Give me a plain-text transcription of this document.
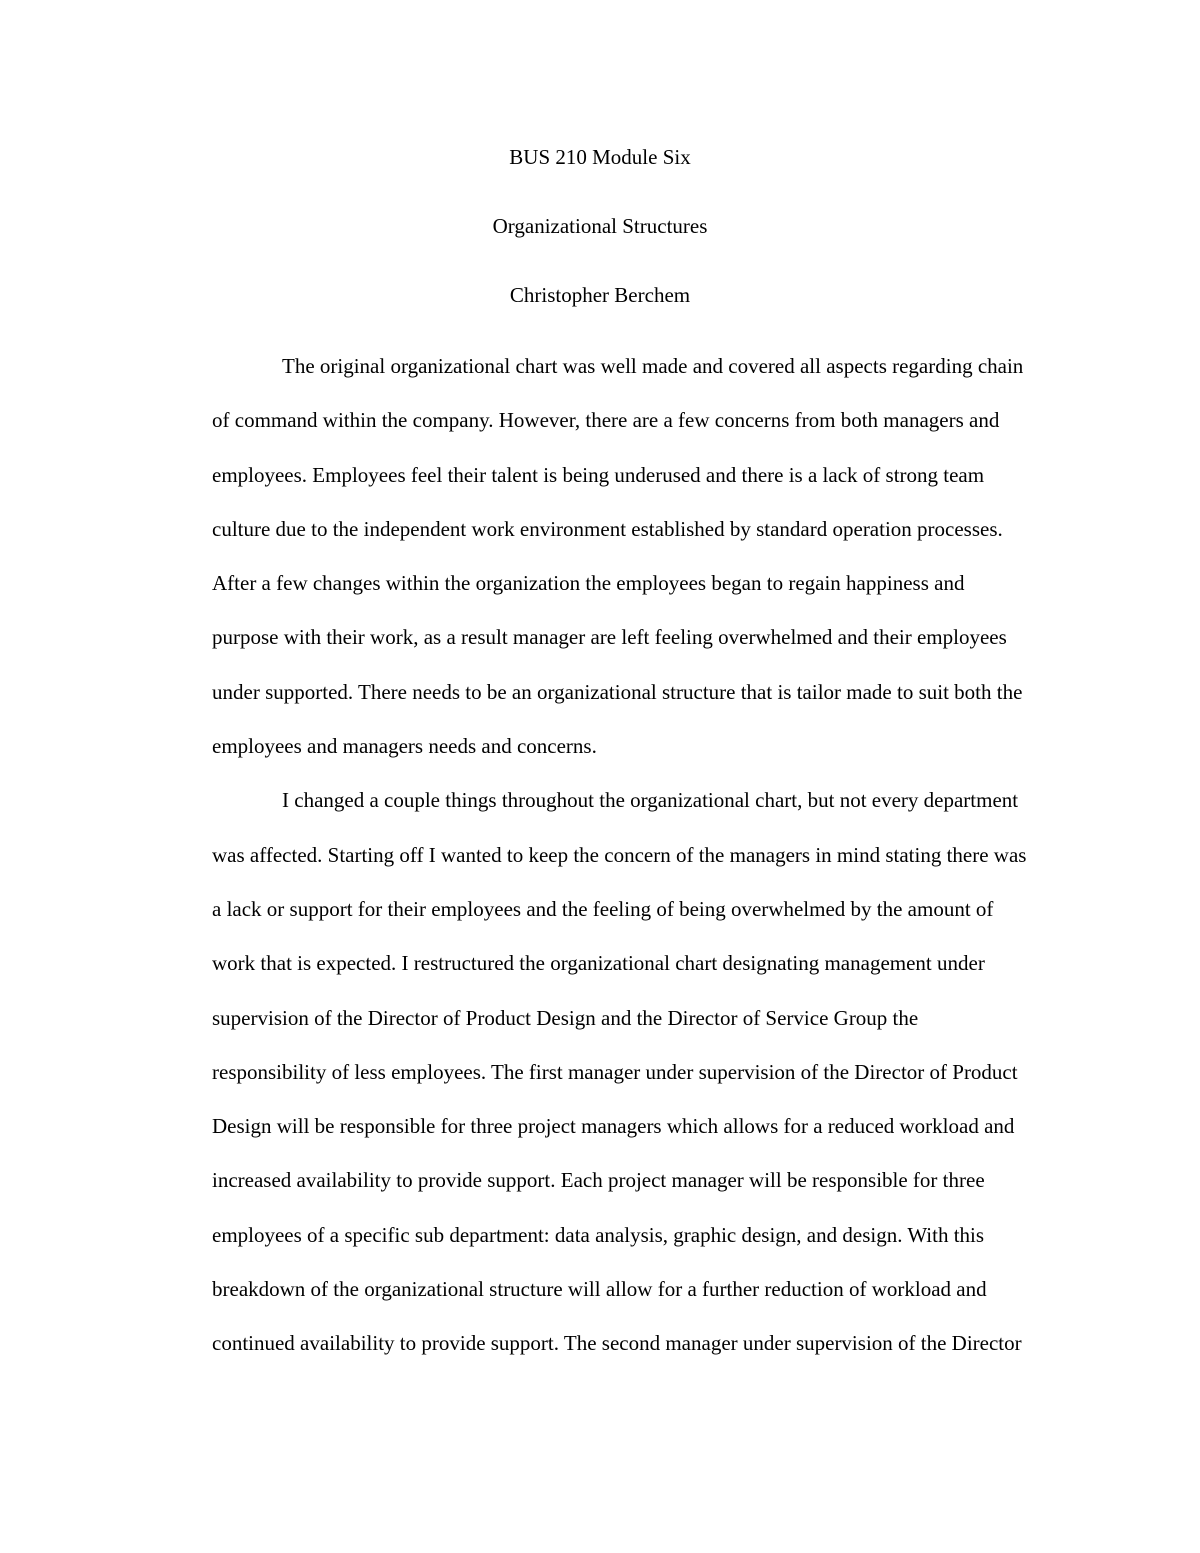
BUS 210 Module Six
Organizational Structures
Christopher Berchem
The original organizational chart was well made and covered all aspects regarding chain
of command within the company. However, there are a few concerns from both managers and
employees. Employees feel their talent is being underused and there is a lack of strong team
culture due to the independent work environment established by standard operation processes.
After a few changes within the organization the employees began to regain happiness and
purpose with their work, as a result manager are left feeling overwhelmed and their employees
under supported. There needs to be an organizational structure that is tailor made to suit both the
employees and managers needs and concerns.
I changed a couple things throughout the organizational chart, but not every department
was affected. Starting off I wanted to keep the concern of the managers in mind stating there was
a lack or support for their employees and the feeling of being overwhelmed by the amount of
work that is expected. I restructured the organizational chart designating management under
supervision of the Director of Product Design and the Director of Service Group the
responsibility of less employees. The first manager under supervision of the Director of Product
Design will be responsible for three project managers which allows for a reduced workload and
increased availability to provide support. Each project manager will be responsible for three
employees of a specific sub department: data analysis, graphic design, and design. With this
breakdown of the organizational structure will allow for a further reduction of workload and
continued availability to provide support. The second manager under supervision of the Director
